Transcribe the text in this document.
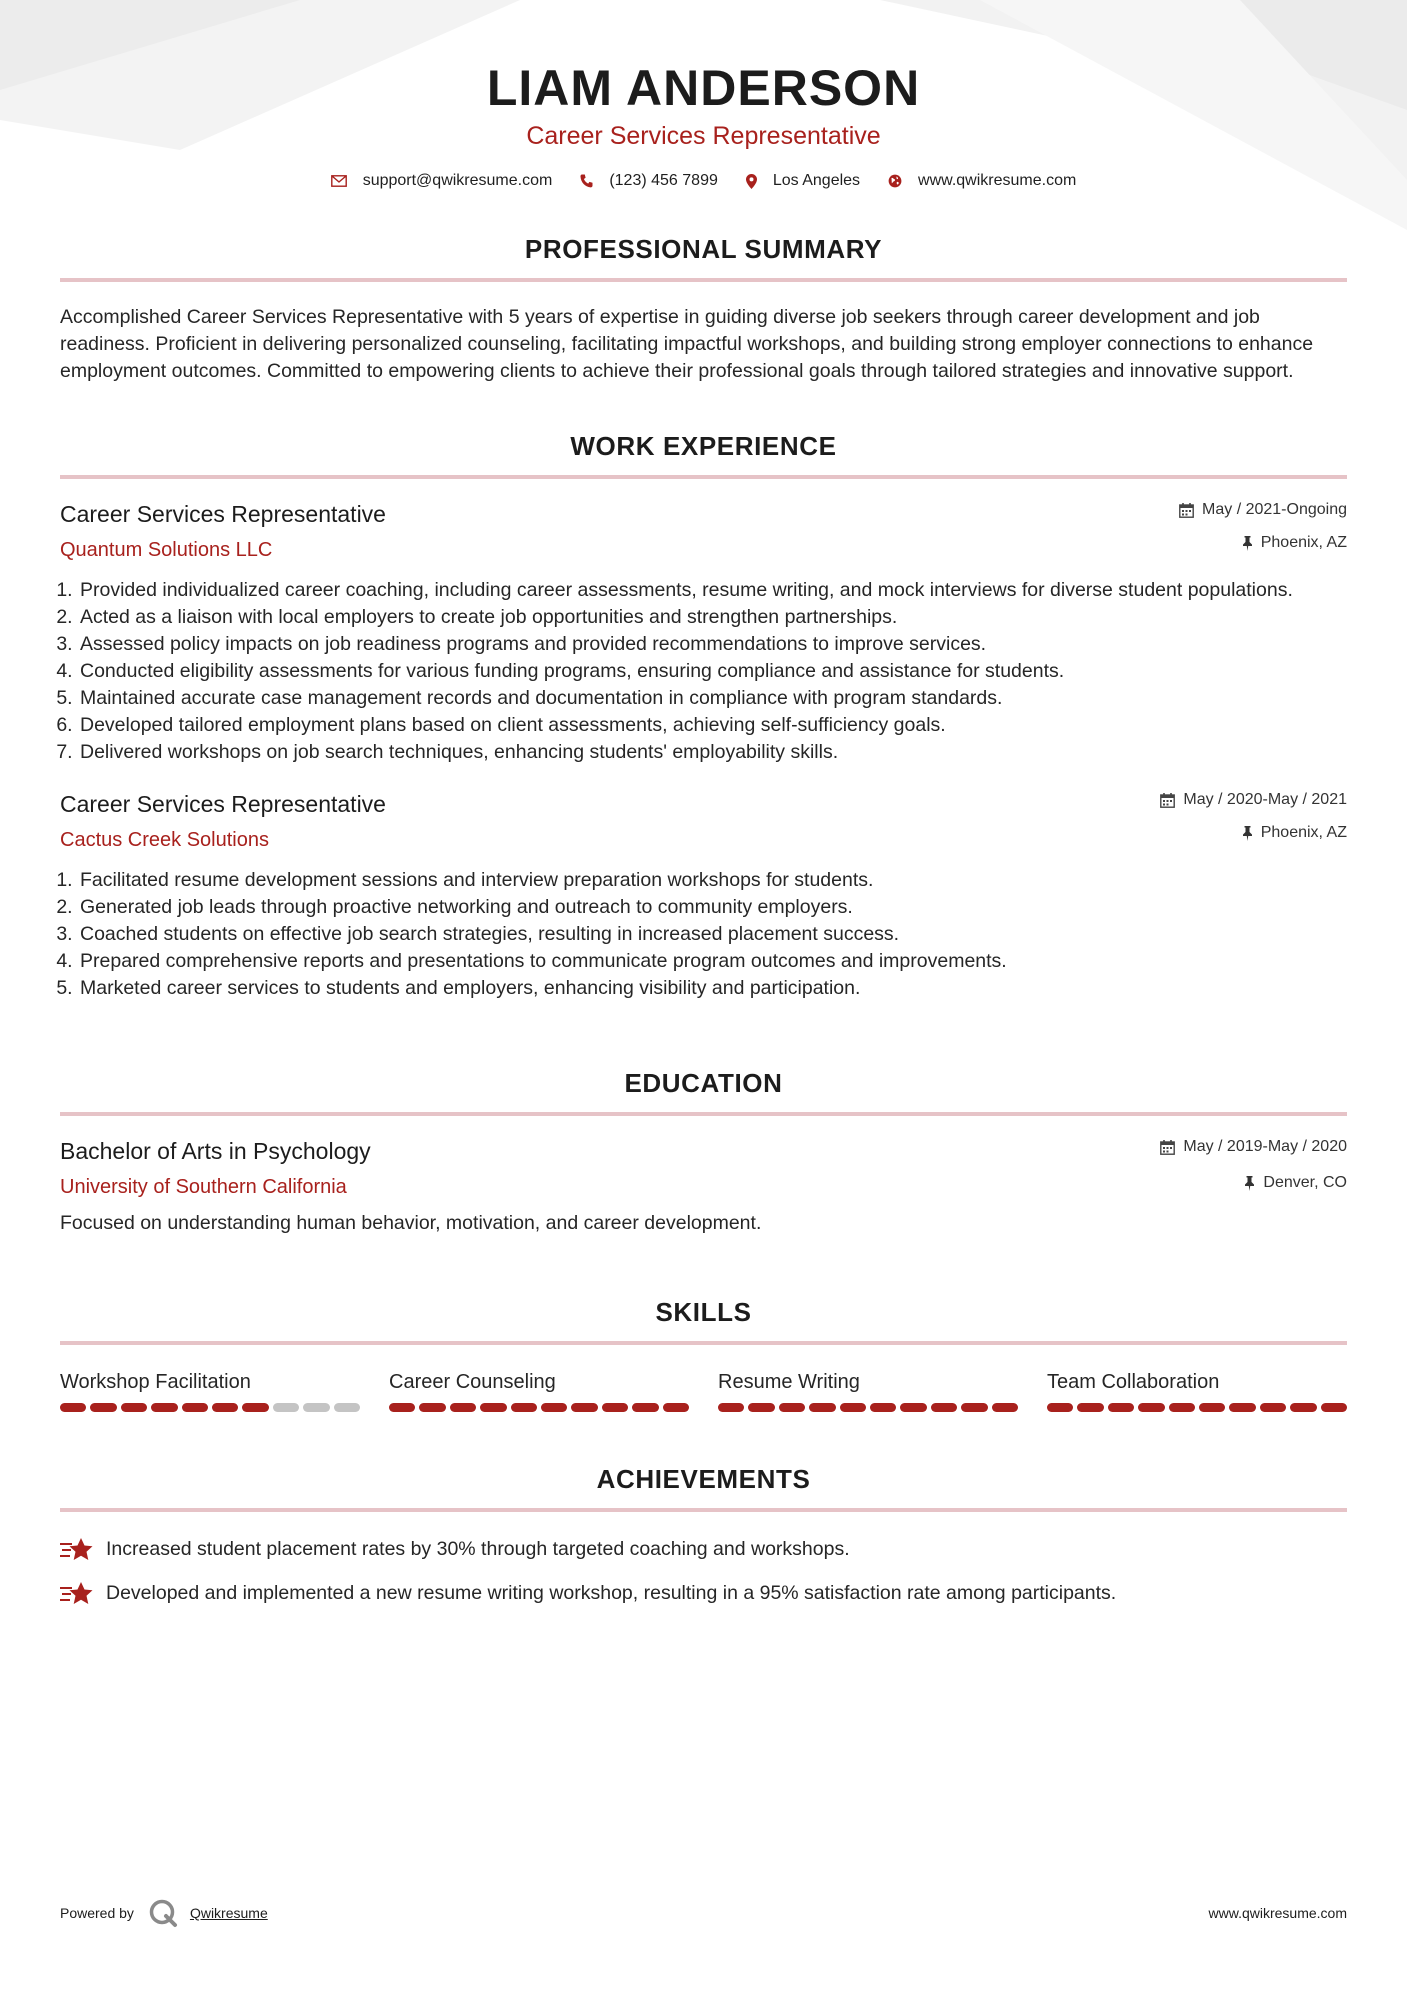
LIAM ANDERSON
Career Services Representative
support@qwikresume.com	(123) 456 7899	Los Angeles	www.qwikresume.com
PROFESSIONAL SUMMARY

Accomplished Career Services Representative with 5 years of expertise in guiding diverse job seekers through career development and job readiness. Proficient in delivering personalized counseling, facilitating impactful workshops, and building strong employer connections to enhance employment outcomes. Committed to empowering clients to achieve their professional goals through tailored strategies and innovative support.

WORK EXPERIENCE
Career Services Representative
Quantum Solutions LLC
May / 2021-Ongoing
Phoenix, AZ
1. Provided individualized career coaching, including career assessments, resume writing, and mock interviews for diverse student populations.
2. Acted as a liaison with local employers to create job opportunities and strengthen partnerships.
3. Assessed policy impacts on job readiness programs and provided recommendations to improve services.
4. Conducted eligibility assessments for various funding programs, ensuring compliance and assistance for students.
5. Maintained accurate case management records and documentation in compliance with program standards.
6. Developed tailored employment plans based on client assessments, achieving self-sufficiency goals.
7. Delivered workshops on job search techniques, enhancing students' employability skills.
Career Services Representative
Cactus Creek Solutions
May / 2020-May / 2021
Phoenix, AZ
1. Facilitated resume development sessions and interview preparation workshops for students.
2. Generated job leads through proactive networking and outreach to community employers.
3. Coached students on effective job search strategies, resulting in increased placement success.
4. Prepared comprehensive reports and presentations to communicate program outcomes and improvements.
5. Marketed career services to students and employers, enhancing visibility and participation.
EDUCATION
Bachelor of Arts in Psychology
University of Southern California
May / 2019-May / 2020
Denver, CO

Focused on understanding human behavior, motivation, and career development.

SKILLS
Workshop Facilitation	Career Counseling	Resume Writing	Team Collaboration
ACHIEVEMENTS
Increased student placement rates by 30% through targeted coaching and workshops.
Developed and implemented a new resume writing workshop, resulting in a 95% satisfaction rate among participants.
Powered by	Qwikresume	www.qwikresume.com
